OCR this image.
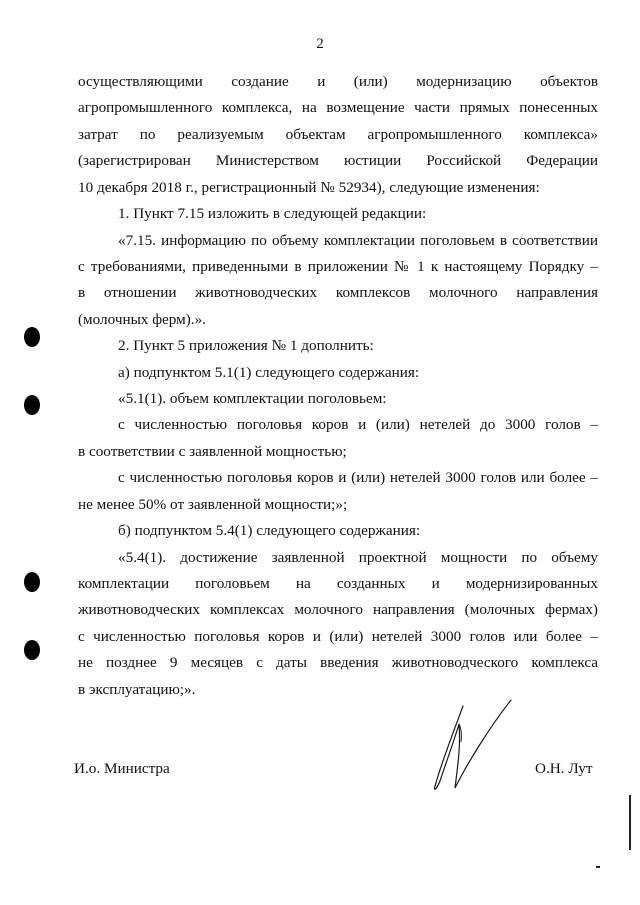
2
осуществляющими создание и (или) модернизацию объектов
агропромышленного комплекса, на возмещение части прямых понесенных
затрат по реализуемым объектам агропромышленного комплекса»
(зарегистрирован Министерством юстиции Российской Федерации
10 декабря 2018 г., регистрационный № 52934), следующие изменения:
1. Пункт 7.15 изложить в следующей редакции:
«7.15. информацию по объему комплектации поголовьем в соответствии
с требованиями, приведенными в приложении № 1 к настоящему Порядку –
в отношении животноводческих комплексов молочного направления
(молочных ферм).».
2. Пункт 5 приложения № 1 дополнить:
а) подпунктом 5.1(1) следующего содержания:
«5.1(1). объем комплектации поголовьем:
с численностью поголовья коров и (или) нетелей до 3000 голов –
в соответствии с заявленной мощностью;
с численностью поголовья коров и (или) нетелей 3000 голов или более –
не менее 50% от заявленной мощности;»;
б) подпунктом 5.4(1) следующего содержания:
«5.4(1). достижение заявленной проектной мощности по объему
комплектации поголовьем на созданных и модернизированных
животноводческих комплексах молочного направления (молочных фермах)
с численностью поголовья коров и (или) нетелей 3000 голов или более –
не позднее 9 месяцев с даты введения животноводческого комплекса
в эксплуатацию;».
И.о. Министра	О.Н. Лут
